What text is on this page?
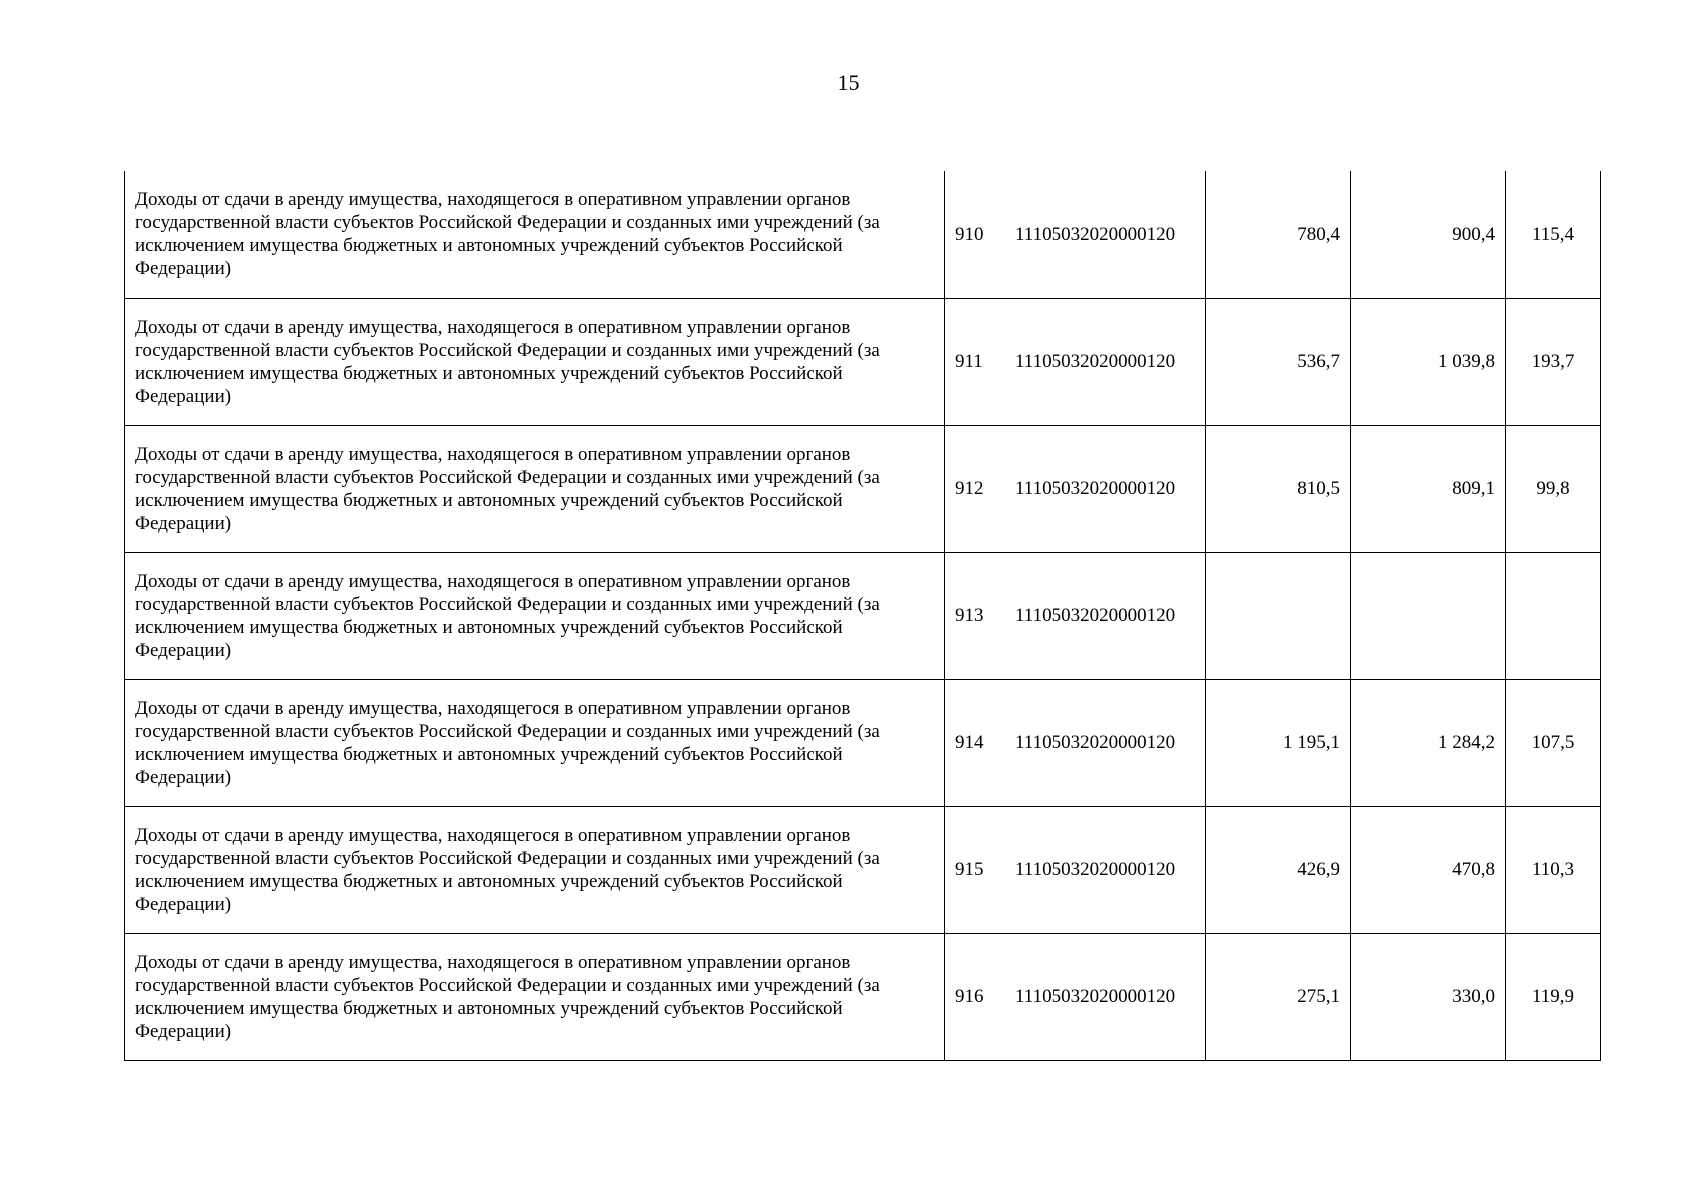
15
Доходы от сдачи в аренду имущества, находящегося в оперативном управлении органов государственной власти субъектов Российской Федерации и созданных ими учреждений (за исключением имущества бюджетных и автономных учреждений субъектов Российской Федерации)	910 11105032020000120	780,4	900,4	115,4
Доходы от сдачи в аренду имущества, находящегося в оперативном управлении органов государственной власти субъектов Российской Федерации и созданных ими учреждений (за исключением имущества бюджетных и автономных учреждений субъектов Российской Федерации)	911 11105032020000120	536,7	1 039,8	193,7
Доходы от сдачи в аренду имущества, находящегося в оперативном управлении органов государственной власти субъектов Российской Федерации и созданных ими учреждений (за исключением имущества бюджетных и автономных учреждений субъектов Российской Федерации)	912 11105032020000120	810,5	809,1	99,8
Доходы от сдачи в аренду имущества, находящегося в оперативном управлении органов государственной власти субъектов Российской Федерации и созданных ими учреждений (за исключением имущества бюджетных и автономных учреждений субъектов Российской Федерации)	913 11105032020000120			
Доходы от сдачи в аренду имущества, находящегося в оперативном управлении органов государственной власти субъектов Российской Федерации и созданных ими учреждений (за исключением имущества бюджетных и автономных учреждений субъектов Российской Федерации)	914 11105032020000120	1 195,1	1 284,2	107,5
Доходы от сдачи в аренду имущества, находящегося в оперативном управлении органов государственной власти субъектов Российской Федерации и созданных ими учреждений (за исключением имущества бюджетных и автономных учреждений субъектов Российской Федерации)	915 11105032020000120	426,9	470,8	110,3
Доходы от сдачи в аренду имущества, находящегося в оперативном управлении органов государственной власти субъектов Российской Федерации и созданных ими учреждений (за исключением имущества бюджетных и автономных учреждений субъектов Российской Федерации)	916 11105032020000120	275,1	330,0	119,9
